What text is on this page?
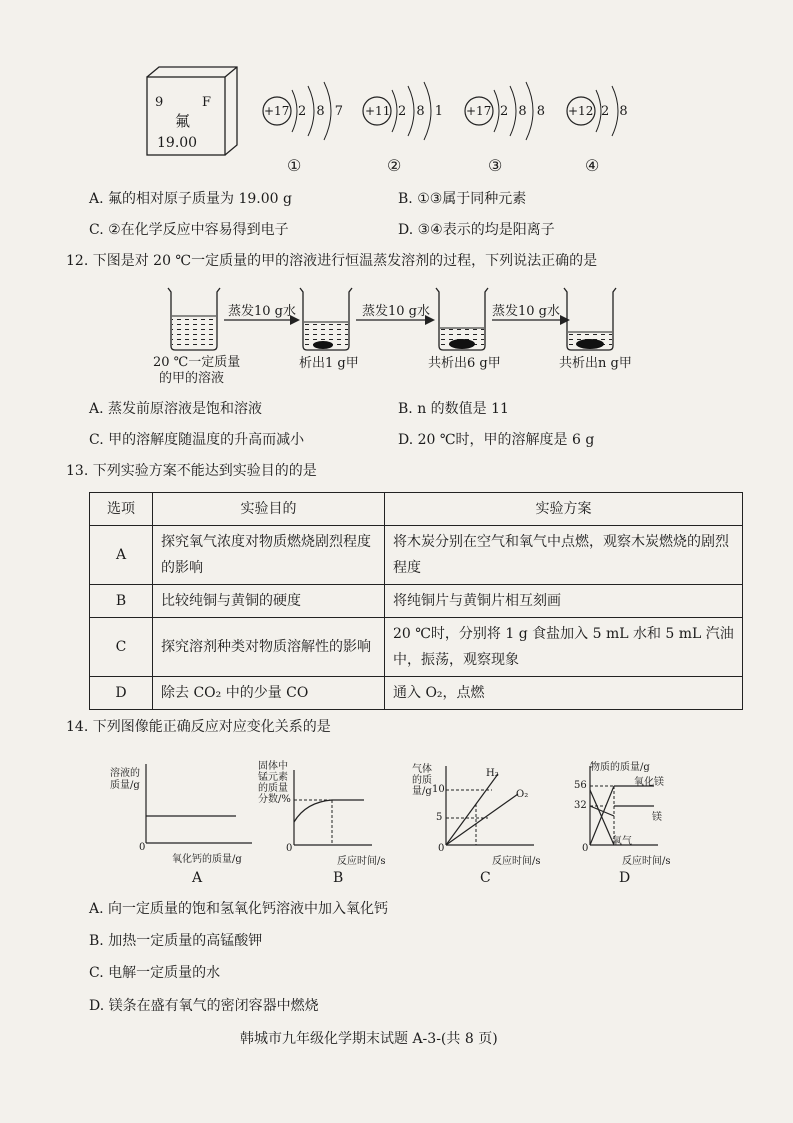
9	F
氟
19.00
+17 2 8 7
①
+11 2 8 1
②
+17 2 8 8
③
+12 2 8
④
A. 氟的相对原子质量为 19.00 g	B. ①③属于同种元素
C. ②在化学反应中容易得到电子	D. ③④表示的均是阳离子
12. 下图是对 20 ℃一定质量的甲的溶液进行恒温蒸发溶剂的过程，下列说法正确的是
蒸发10 g水	蒸发10 g水	蒸发10 g水
20 ℃一定质量
的甲的溶液
析出1 g甲	共析出6 g甲	共析出n g甲
A. 蒸发前原溶液是饱和溶液	B. n 的数值是 11
C. 甲的溶解度随温度的升高而减小	D. 20 ℃时，甲的溶解度是 6 g
13. 下列实验方案不能达到实验目的的是
选项	实验目的	实验方案
A	探究氧气浓度对物质燃烧剧烈程度的影响	将木炭分别在空气和氧气中点燃，观察木炭燃烧的剧烈程度
B	比较纯铜与黄铜的硬度	将纯铜片与黄铜片相互刻画
C	探究溶剂种类对物质溶解性的影响	20 ℃时，分别将 1 g 食盐加入 5 mL 水和 5 mL 汽油中，振荡，观察现象
D	除去 CO₂ 中的少量 CO	通入 O₂，点燃
14. 下列图像能正确反应对应变化关系的是
溶液的
质量/g
0
氧化钙的质量/g
A
固体中
锰元素
的质量
分数/%
0
反应时间/s
B
气体
的质
量/g 10
5
H₂
O₂
0
反应时间/s
C
物质的质量/g
56
32
氧化镁
镁
氧气
0
反应时间/s
D
A. 向一定质量的饱和氢氧化钙溶液中加入氧化钙
B. 加热一定质量的高锰酸钾
C. 电解一定质量的水
D. 镁条在盛有氧气的密闭容器中燃烧
韩城市九年级化学期末试题 A-3-(共 8 页)
